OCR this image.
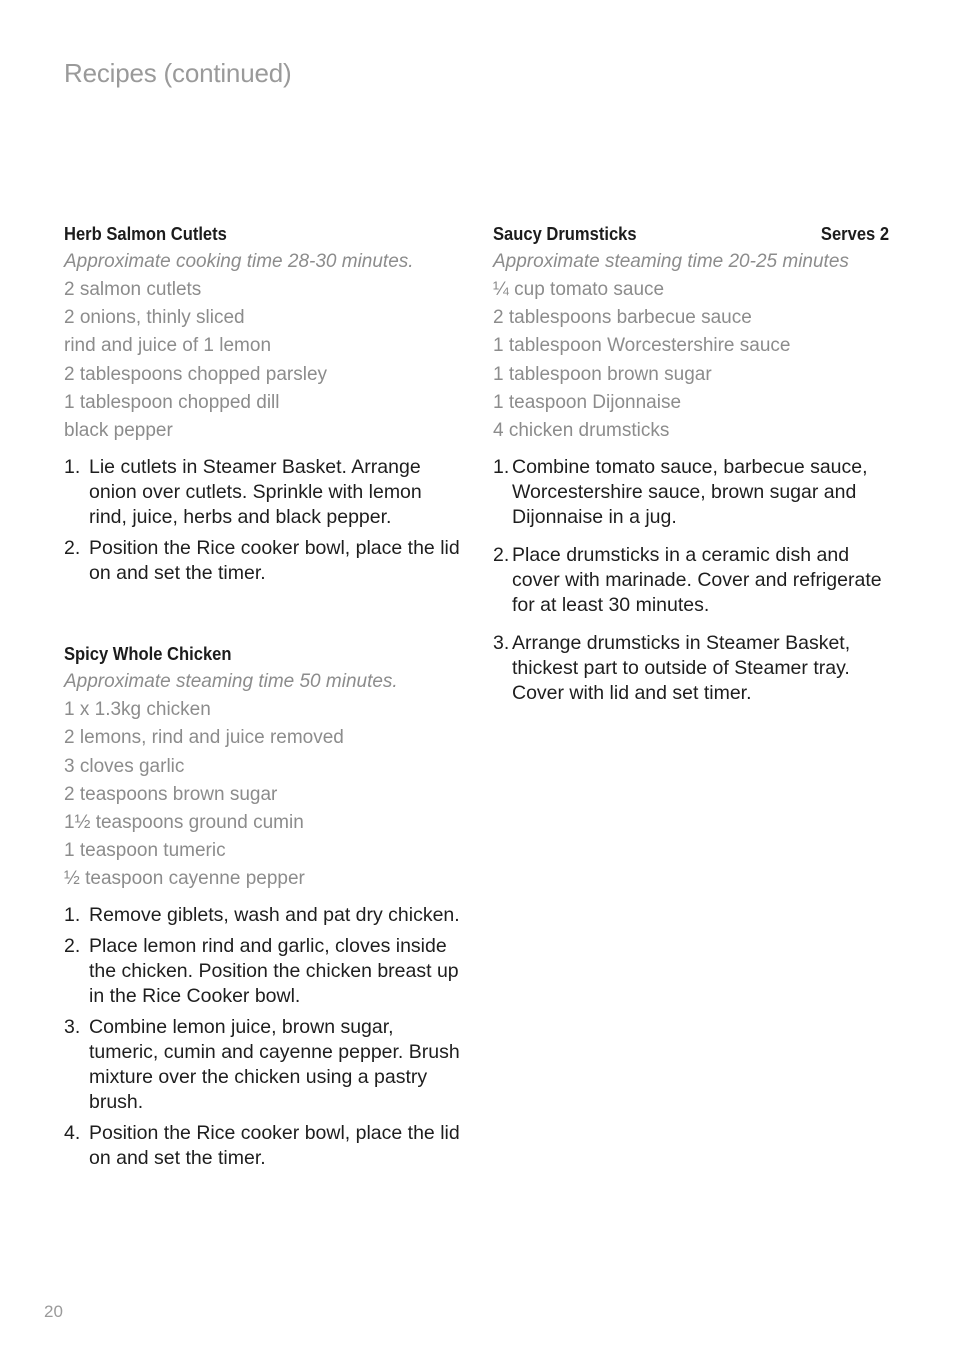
Recipes (continued)
Herb Salmon Cutlets
Approximate cooking time 28-30 minutes.
2 salmon cutlets
2 onions, thinly sliced
rind and juice of 1 lemon
2 tablespoons chopped parsley
1 tablespoon chopped dill
black pepper
1. Lie cutlets in Steamer Basket. Arrange onion over cutlets. Sprinkle with lemon rind, juice, herbs and black pepper.
2. Position the Rice cooker bowl, place the lid on and set the timer.
Spicy Whole Chicken
Approximate steaming time 50 minutes.
1 x 1.3kg chicken
2 lemons, rind and juice removed
3 cloves garlic
2 teaspoons brown sugar
1½ teaspoons ground cumin
1 teaspoon tumeric
½ teaspoon cayenne pepper
1. Remove giblets, wash and pat dry chicken.
2. Place lemon rind and garlic, cloves inside the chicken. Position the chicken breast up in the Rice Cooker bowl.
3. Combine lemon juice, brown sugar, tumeric, cumin and cayenne pepper. Brush mixture over the chicken using a pastry brush.
4. Position the Rice cooker bowl, place the lid on and set the timer.
Saucy Drumsticks	Serves 2
Approximate steaming time 20-25 minutes
¼ cup tomato sauce
2 tablespoons barbecue sauce
1 tablespoon Worcestershire sauce
1 tablespoon brown sugar
1 teaspoon Dijonnaise
4 chicken drumsticks
1. Combine tomato sauce, barbecue sauce, Worcestershire sauce, brown sugar and Dijonnaise in a jug.
2. Place drumsticks in a ceramic dish and cover with marinade. Cover and refrigerate for at least 30 minutes.
3. Arrange drumsticks in Steamer Basket, thickest part to outside of Steamer tray. Cover with lid and set timer.
20
